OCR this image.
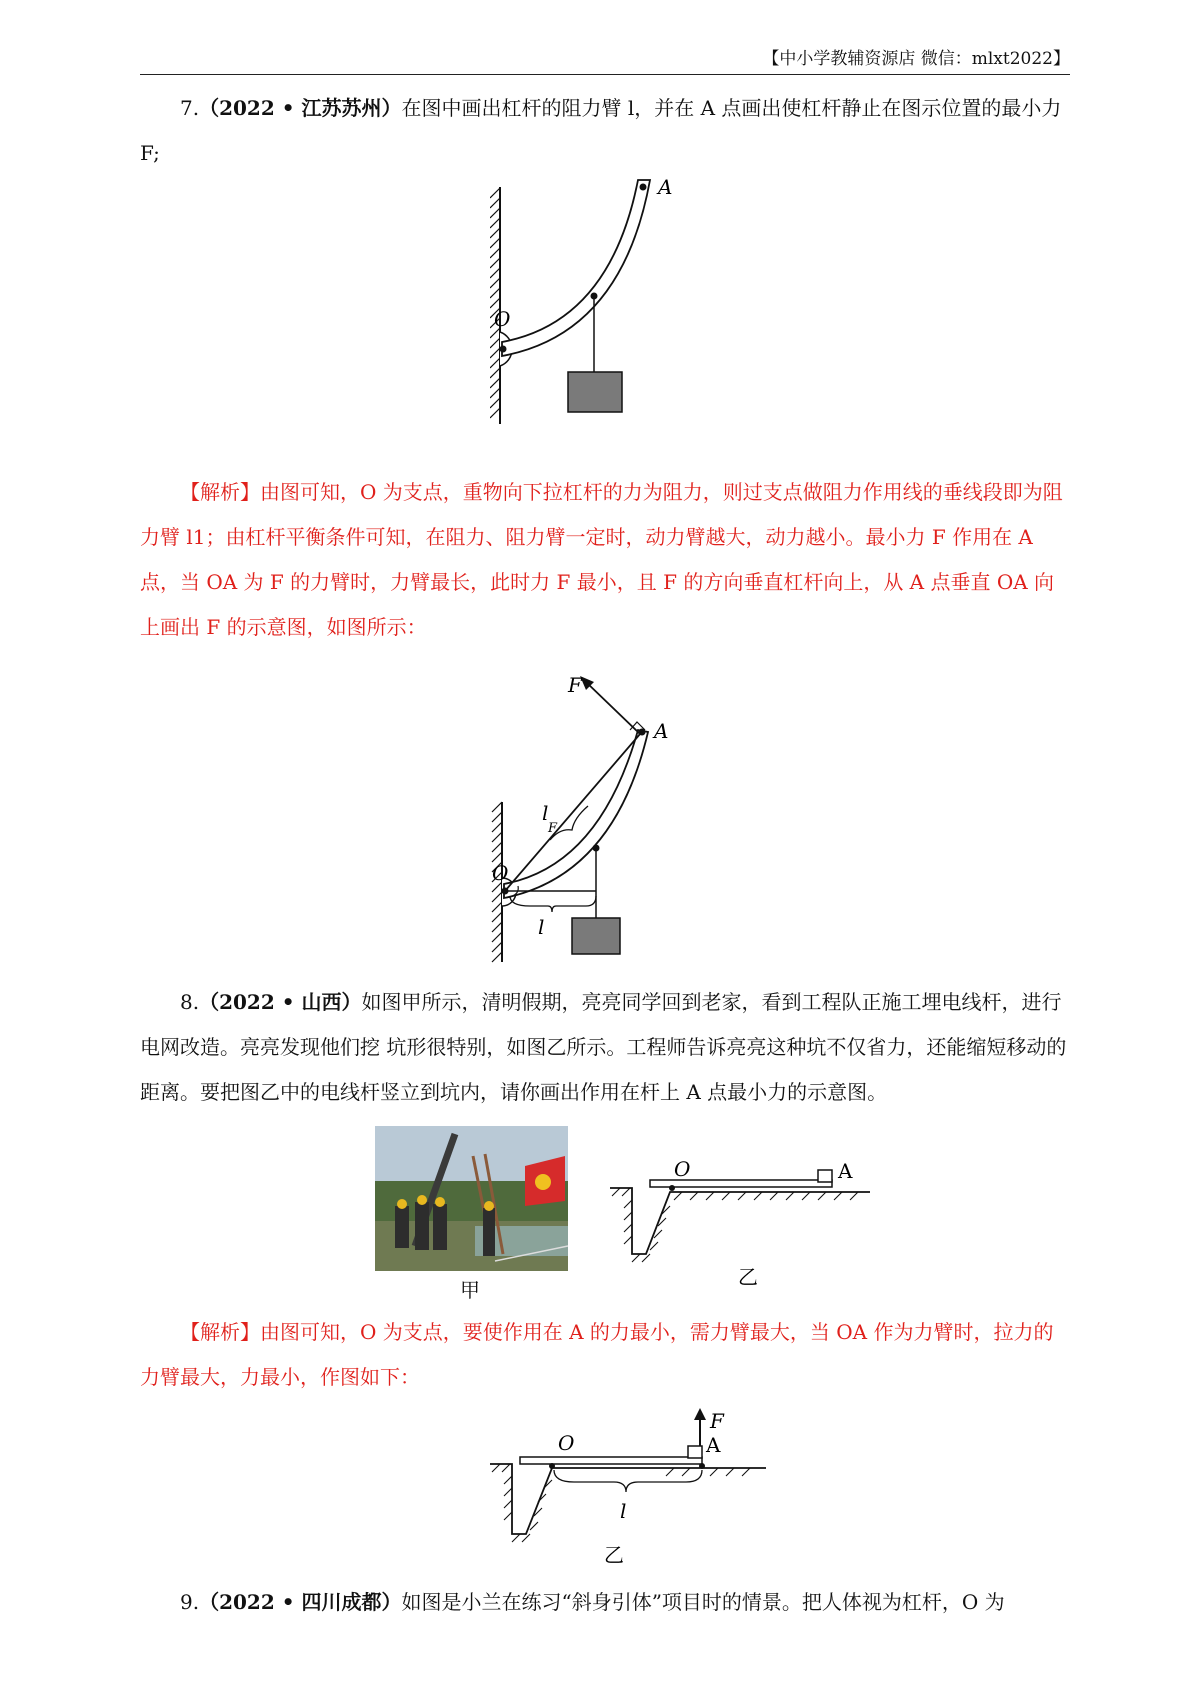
【中小学教辅资源店 微信：mlxt2022】

7.（2022 • 江苏苏州）在图中画出杠杆的阻力臂 l，并在 A 点画出使杠杆静止在图示位置的最小力 F;

A
O

【解析】由图可知，O 为支点，重物向下拉杠杆的力为阻力，则过支点做阻力作用线的垂线段即为阻力臂 l1；由杠杆平衡条件可知，在阻力、阻力臂一定时，动力臂越大，动力越小。最小力 F 作用在 A 点，当 OA 为 F 的力臂时，力臂最长，此时力 F 最小，且 F 的方向垂直杠杆向上，从 A 点垂直 OA 向上画出 F 的示意图，如图所示：

F
A
l
F
O
l

8.（2022 • 山西）如图甲所示，清明假期，亮亮同学回到老家，看到工程队正施工埋电线杆，进行电网改造。亮亮发现他们挖 坑形很特别，如图乙所示。工程师告诉亮亮这种坑不仅省力，还能缩短移动的距离。要把图乙中的电线杆竖立到坑内，请你画出作用在杆上 A 点最小力的示意图。

甲
O	A
乙

【解析】由图可知，O 为支点，要使作用在 A 的力最小，需力臂最大，当 OA 作为力臂时，拉力的力臂最大，力最小，作图如下：

F
A
O
l
乙

9.（2022 • 四川成都）如图是小兰在练习“斜身引体”项目时的情景。把人体视为杠杆，O 为
